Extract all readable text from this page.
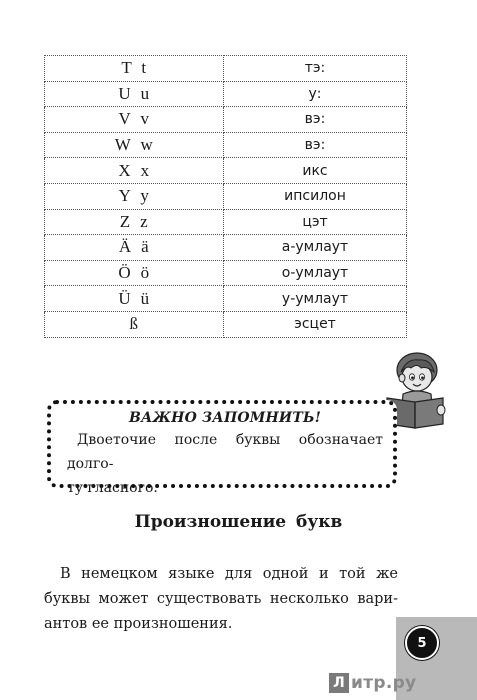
T  t	тэ:
U  u	у:
V  v	вэ:
W  w	вэ:
X  x	икс
Y  y	ипсилон
Z  z	цэт
Ä  ä	а-умлаут
Ö  ö	о-умлаут
Ü  ü	у-умлаут
ß	эсцет

ВАЖНО ЗАПОМНИТЬ!

Двоеточие после буквы обозначает долго-
ту гласного.

Произношение букв

В немецком языке для одной и той же
буквы может существовать несколько вари-
антов ее произношения.

5
Л итр.ру
